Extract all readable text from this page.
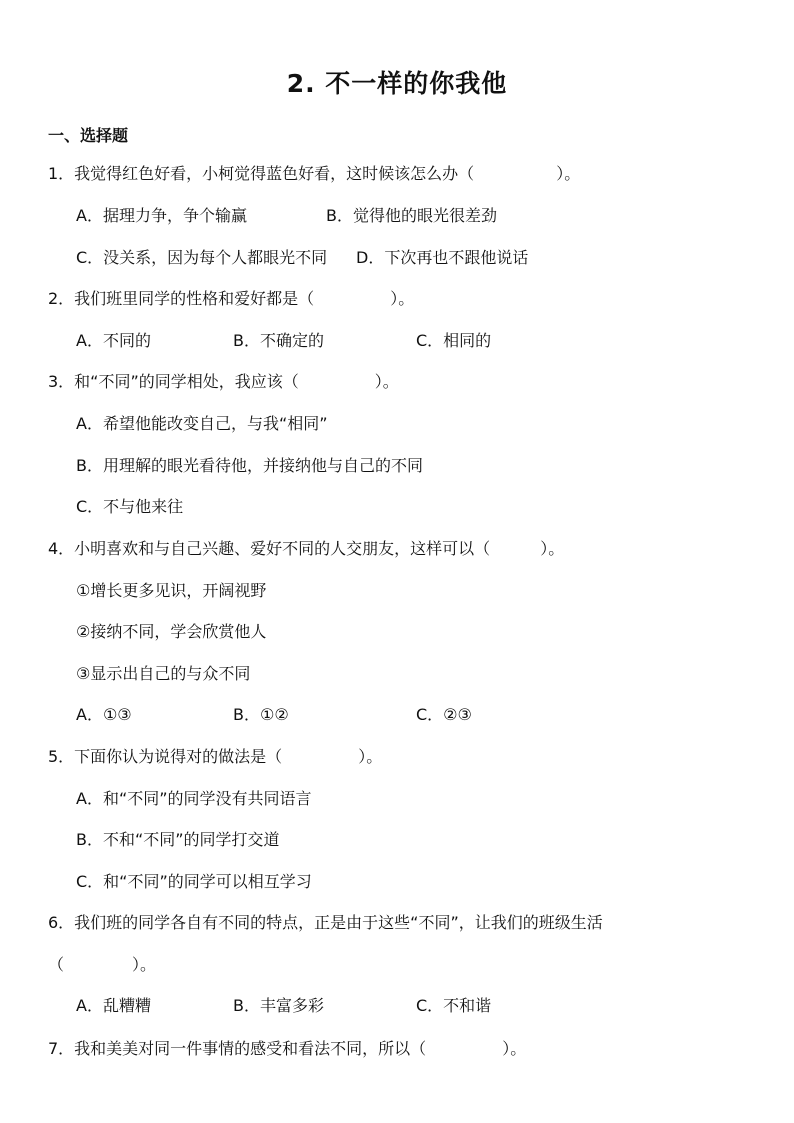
2. 不一样的你我他
一、选择题
1．我觉得红色好看，小柯觉得蓝色好看，这时候该怎么办（	）。
A．据理力争，争个输赢	B．觉得他的眼光很差劲
C．没关系，因为每个人都眼光不同 D．下次再也不跟他说话
2．我们班里同学的性格和爱好都是（	）。
A．不同的	B．不确定的	C．相同的
3．和“不同”的同学相处，我应该（	）。
A．希望他能改变自己，与我“相同”
B．用理解的眼光看待他，并接纳他与自己的不同
C．不与他来往
4．小明喜欢和与自己兴趣、爱好不同的人交朋友，这样可以（	）。
①增长更多见识，开阔视野
②接纳不同，学会欣赏他人
③显示出自己的与众不同
A．①③	B．①②	C．②③
5．下面你认为说得对的做法是（	）。
A．和“不同”的同学没有共同语言
B．不和“不同”的同学打交道
C．和“不同”的同学可以相互学习
6．我们班的同学各自有不同的特点，正是由于这些“不同”，让我们的班级生活
（	）。
A．乱糟糟	B．丰富多彩	C．不和谐
7．我和美美对同一件事情的感受和看法不同，所以（	）。
